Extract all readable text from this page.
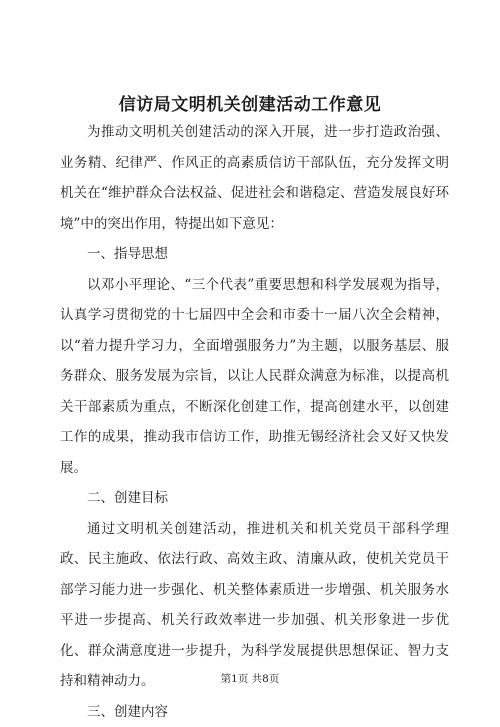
信访局文明机关创建活动工作意见

为推动文明机关创建活动的深入开展，进一步打造政治强、业务精、纪律严、作风正的高素质信访干部队伍，充分发挥文明机关在“维护群众合法权益、促进社会和谐稳定、营造发展良好环境”中的突出作用，特提出如下意见：

一、指导思想

以邓小平理论、“三个代表”重要思想和科学发展观为指导，认真学习贯彻党的十七届四中全会和市委十一届八次全会精神，以“着力提升学习力，全面增强服务力”为主题，以服务基层、服务群众、服务发展为宗旨，以让人民群众满意为标准，以提高机关干部素质为重点，不断深化创建工作，提高创建水平，以创建工作的成果，推动我市信访工作，助推无锡经济社会又好又快发展。

二、创建目标

通过文明机关创建活动，推进机关和机关党员干部科学理政、民主施政、依法行政、高效主政、清廉从政，使机关党员干部学习能力进一步强化、机关整体素质进一步增强、机关服务水平进一步提高、机关行政效率进一步加强、机关形象进一步优化、群众满意度进一步提升，为科学发展提供思想保证、智力支持和精神动力。

三、创建内容

第1页 共8页
